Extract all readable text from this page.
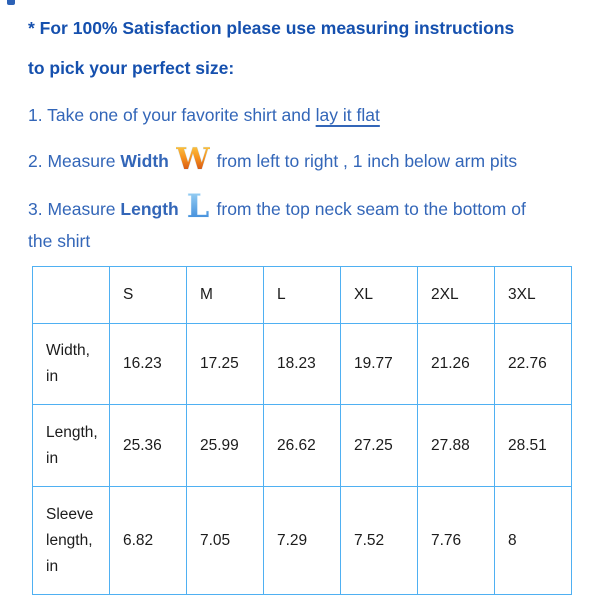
* For 100% Satisfaction please use measuring instructions
to pick your perfect size:

1. Take one of your favorite shirt and lay it flat

2. Measure Width W from left to right , 1 inch below arm pits

3. Measure Length L from the top neck seam to the bottom of
the shirt

	S	M	L	XL	2XL	3XL
Width, in	16.23	17.25	18.23	19.77	21.26	22.76
Length, in	25.36	25.99	26.62	27.25	27.88	28.51
Sleeve length, in	6.82	7.05	7.29	7.52	7.76	8
